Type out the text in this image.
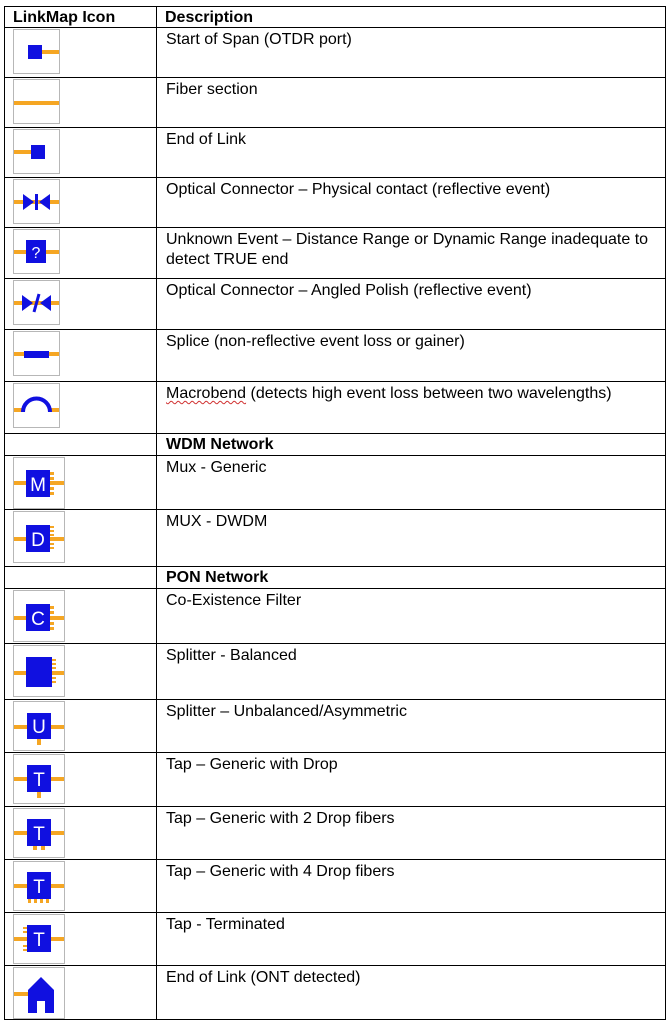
LinkMap Icon	Description

	Start of Span (OTDR port)

	Fiber section

	End of Link

	Optical Connector – Physical contact (reflective event)

?	Unknown Event – Distance Range or Dynamic Range inadequate to detect TRUE end

	Optical Connector – Angled Polish (reflective event)

	Splice (non-reflective event loss or gainer)

	Macrobend (detects high event loss between two wavelengths)
	WDM Network

M	Mux - Generic

D	MUX - DWDM
	PON Network

C	Co-Existence Filter

	Splitter - Balanced

U	Splitter – Unbalanced/Asymmetric

T	Tap – Generic with Drop

T	Tap – Generic with 2 Drop fibers

T	Tap – Generic with 4 Drop fibers

T	Tap - Terminated

	End of Link (ONT detected)
